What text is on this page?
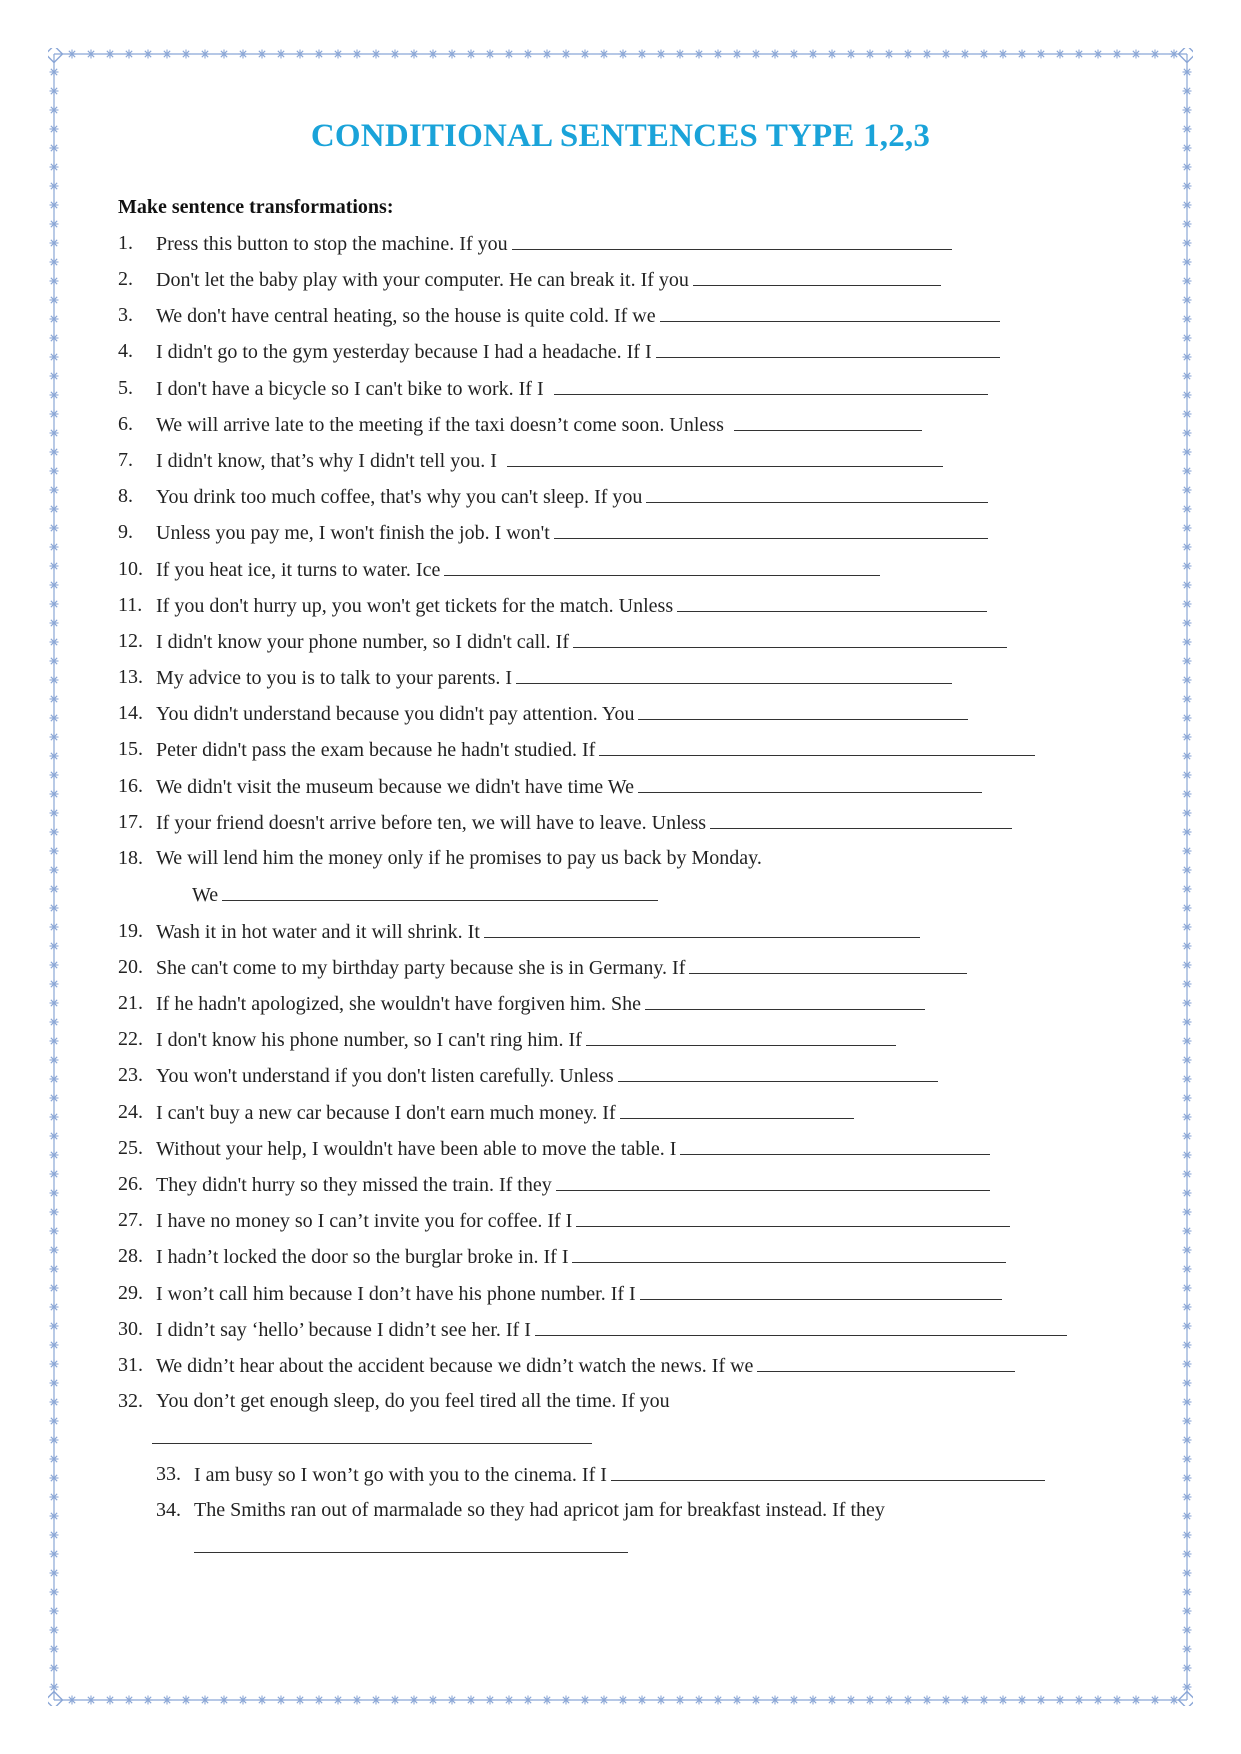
CONDITIONAL SENTENCES TYPE 1,2,3
Make sentence transformations:
1. Press this button to stop the machine. If you
2. Don't let the baby play with your computer. He can break it. If you
3. We don't have central heating, so the house is quite cold. If we
4. I didn't go to the gym yesterday because I had a headache. If I
5. I don't have a bicycle so I can't bike to work. If I
6. We will arrive late to the meeting if the taxi doesn’t come soon. Unless
7. I didn't know, that’s why I didn't tell you. I
8. You drink too much coffee, that's why you can't sleep. If you
9. Unless you pay me, I won't finish the job. I won't
10. If you heat ice, it turns to water. Ice
11. If you don't hurry up, you won't get tickets for the match. Unless
12. I didn't know your phone number, so I didn't call. If
13. My advice to you is to talk to your parents. I
14. You didn't understand because you didn't pay attention. You
15. Peter didn't pass the exam because he hadn't studied. If
16. We didn't visit the museum because we didn't have time We
17. If your friend doesn't arrive before ten, we will have to leave. Unless
18. We will lend him the money only if he promises to pay us back by Monday.
We
19. Wash it in hot water and it will shrink. It
20. She can't come to my birthday party because she is in Germany. If
21. If he hadn't apologized, she wouldn't have forgiven him. She
22. I don't know his phone number, so I can't ring him. If
23. You won't understand if you don't listen carefully. Unless
24. I can't buy a new car because I don't earn much money. If
25. Without your help, I wouldn't have been able to move the table. I
26. They didn't hurry so they missed the train. If they
27. I have no money so I can’t invite you for coffee. If I
28. I hadn’t locked the door so the burglar broke in. If I
29. I won’t call him because I don’t have his phone number. If I
30. I didn’t say ‘hello’ because I didn’t see her. If I
31. We didn’t hear about the accident because we didn’t watch the news. If we
32. You don’t get enough sleep, do you feel tired all the time. If you
33. I am busy so I won’t go with you to the cinema. If I
34. The Smiths ran out of marmalade so they had apricot jam for breakfast instead. If they
